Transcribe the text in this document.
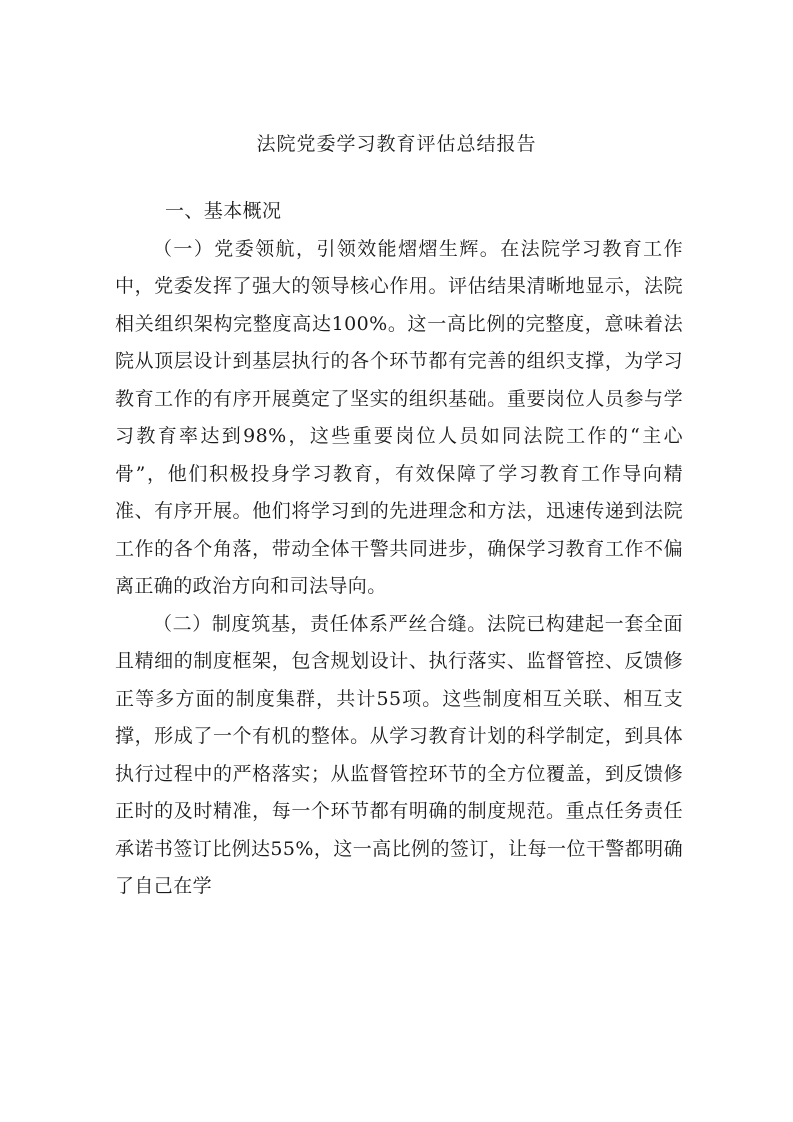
法院党委学习教育评估总结报告
一、基本概况

（一）党委领航，引领效能熠熠生辉。在法院学习教育工作中，党委发挥了强大的领导核心作用。评估结果清晰地显示，法院相关组织架构完整度高达100%。这一高比例的完整度，意味着法院从顶层设计到基层执行的各个环节都有完善的组织支撑，为学习教育工作的有序开展奠定了坚实的组织基础。重要岗位人员参与学习教育率达到98%，这些重要岗位人员如同法院工作的“主心骨”，他们积极投身学习教育，有效保障了学习教育工作导向精准、有序开展。他们将学习到的先进理念和方法，迅速传递到法院工作的各个角落，带动全体干警共同进步，确保学习教育工作不偏离正确的政治方向和司法导向。

（二）制度筑基，责任体系严丝合缝。法院已构建起一套全面且精细的制度框架，包含规划设计、执行落实、监督管控、反馈修正等多方面的制度集群，共计55项。这些制度相互关联、相互支撑，形成了一个有机的整体。从学习教育计划的科学制定，到具体执行过程中的严格落实；从监督管控环节的全方位覆盖，到反馈修正时的及时精准，每一个环节都有明确的制度规范。重点任务责任承诺书签订比例达55%，这一高比例的签订，让每一位干警都明确了自己在学
